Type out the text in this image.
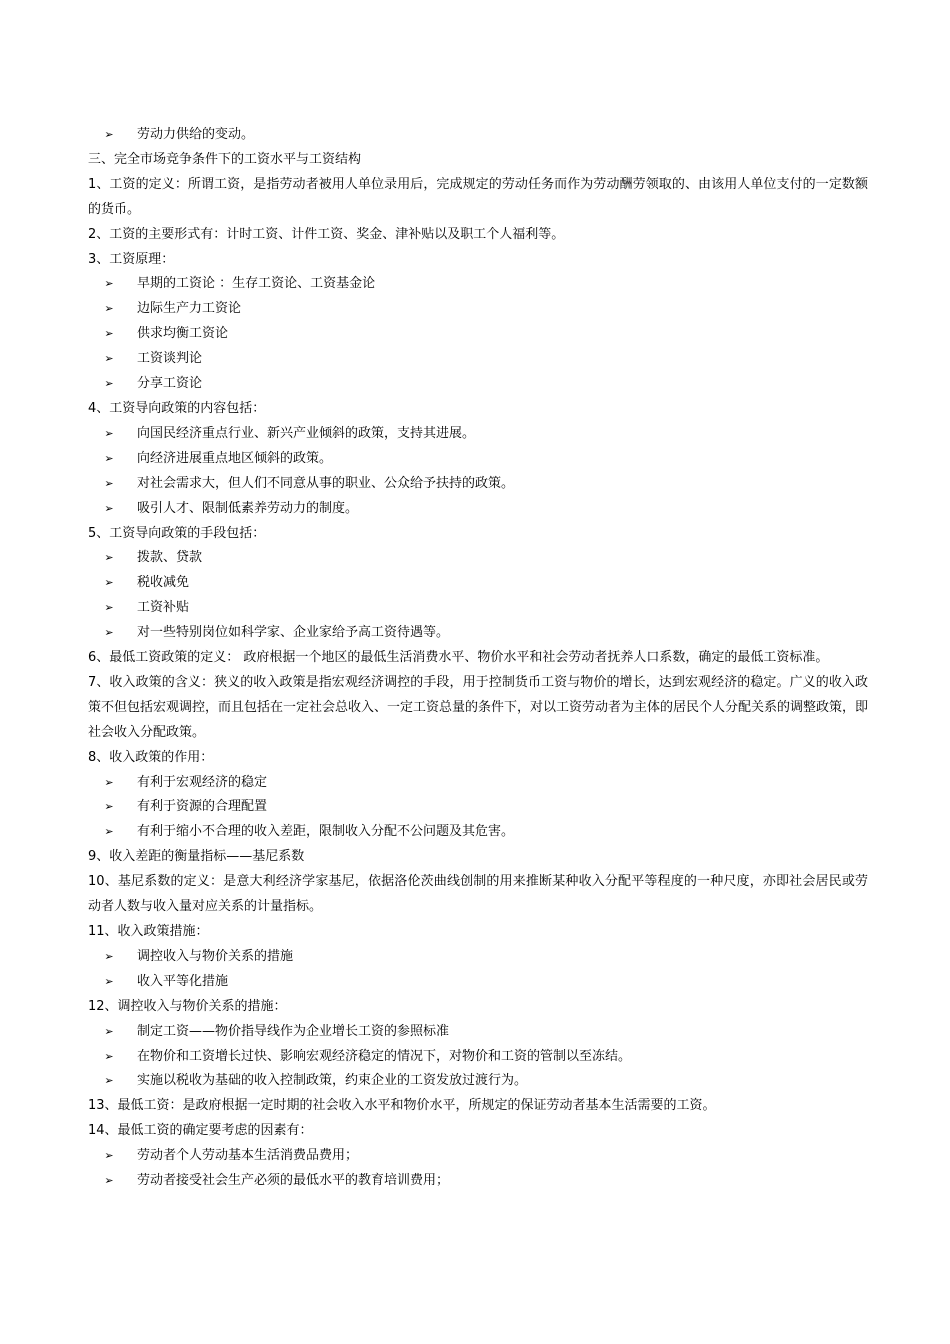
➢ 劳动力供给的变动。
三、完全市场竞争条件下的工资水平与工资结构
1、工资的定义：所谓工资，是指劳动者被用人单位录用后，完成规定的劳动任务而作为劳动酬劳领取的、由该用人单位支付的一定数额的货币。
2、工资的主要形式有：计时工资、计件工资、奖金、津补贴以及职工个人福利等。
3、工资原理：
➢ 早期的工资论 ：生存工资论、工资基金论
➢ 边际生产力工资论
➢ 供求均衡工资论
➢ 工资谈判论
➢ 分享工资论
4、工资导向政策的内容包括：
➢ 向国民经济重点行业、新兴产业倾斜的政策，支持其进展。
➢ 向经济进展重点地区倾斜的政策。
➢ 对社会需求大，但人们不同意从事的职业、公众给予扶持的政策。
➢ 吸引人才、限制低素养劳动力的制度。
5、工资导向政策的手段包括：
➢ 拨款、贷款
➢ 税收减免
➢ 工资补贴
➢ 对一些特别岗位如科学家、企业家给予高工资待遇等。
6、最低工资政策的定义： 政府根据一个地区的最低生活消费水平、物价水平和社会劳动者抚养人口系数，确定的最低工资标准。
7、收入政策的含义：狭义的收入政策是指宏观经济调控的手段，用于控制货币工资与物价的增长，达到宏观经济的稳定。广义的收入政策不但包括宏观调控，而且包括在一定社会总收入、一定工资总量的条件下，对以工资劳动者为主体的居民个人分配关系的调整政策，即社会收入分配政策。
8、收入政策的作用：
➢ 有利于宏观经济的稳定
➢ 有利于资源的合理配置
➢ 有利于缩小不合理的收入差距，限制收入分配不公问题及其危害。
9、收入差距的衡量指标——基尼系数
10、基尼系数的定义：是意大利经济学家基尼，依据洛伦茨曲线创制的用来推断某种收入分配平等程度的一种尺度，亦即社会居民或劳动者人数与收入量对应关系的计量指标。
11、收入政策措施：
➢ 调控收入与物价关系的措施
➢ 收入平等化措施
12、调控收入与物价关系的措施：
➢ 制定工资——物价指导线作为企业增长工资的参照标准
➢ 在物价和工资增长过快、影响宏观经济稳定的情况下，对物价和工资的管制以至冻结。
➢ 实施以税收为基础的收入控制政策，约束企业的工资发放过渡行为。
13、最低工资：是政府根据一定时期的社会收入水平和物价水平，所规定的保证劳动者基本生活需要的工资。
14、最低工资的确定要考虑的因素有：
➢ 劳动者个人劳动基本生活消费品费用；
➢ 劳动者接受社会生产必须的最低水平的教育培训费用；
